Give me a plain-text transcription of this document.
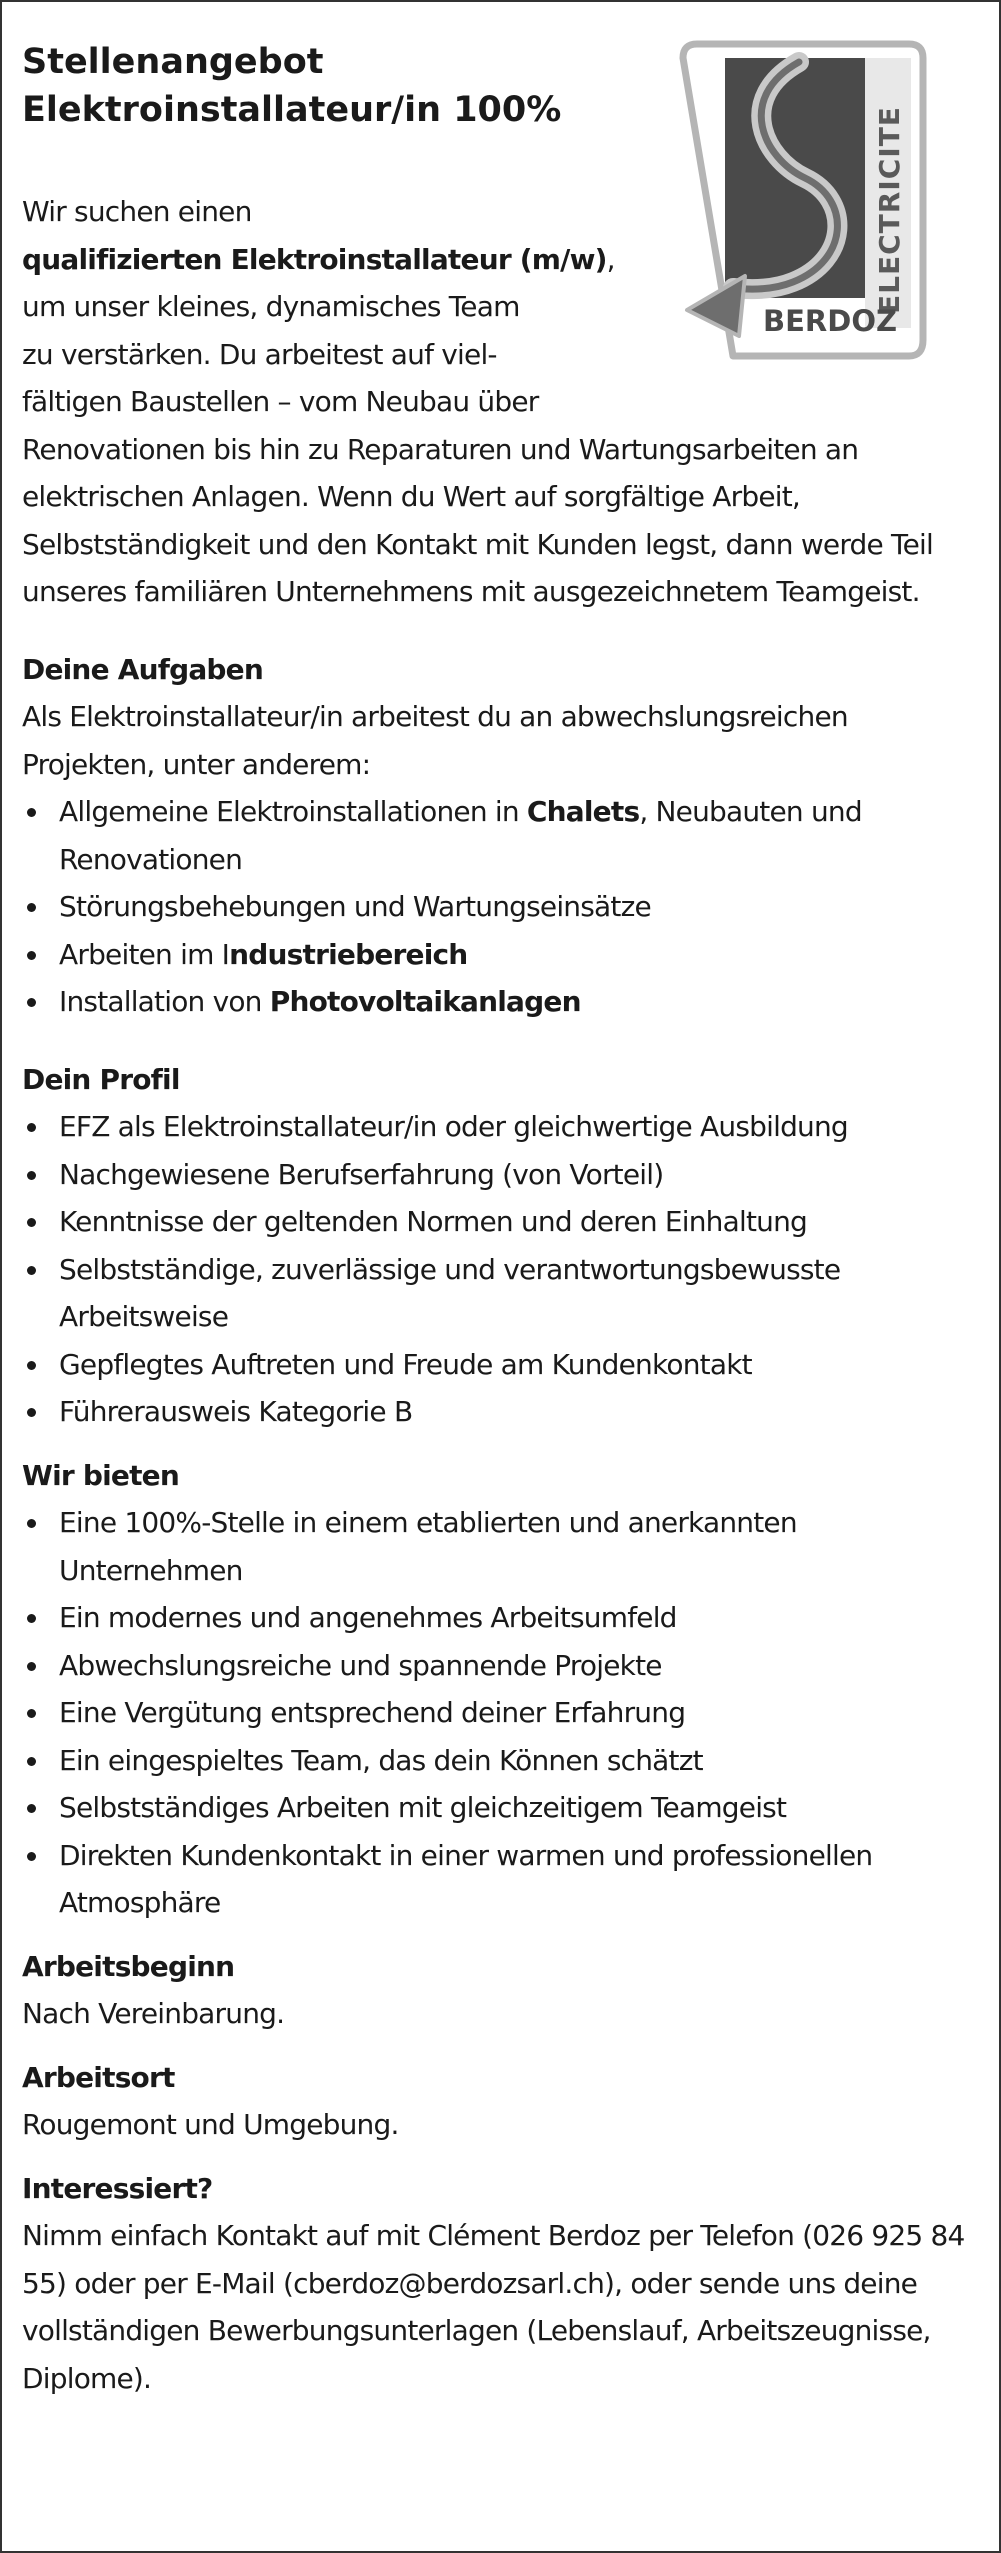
Stellenangebot
Elektroinstallateur/in 100%	ELECTRICITE
BERDOZ

Wir suchen einen

qualifizierten Elektroinstallateur (m/w),

um unser kleines, dynamisches Team
zu verstärken. Du arbeitest auf viel-
fältigen Baustellen – vom Neubau über
Renovationen bis hin zu Reparaturen und Wartungsarbeiten an elektrischen Anlagen. Wenn du Wert auf sorgfältige Arbeit, Selbstständigkeit und den Kontakt mit Kunden legst, dann werde Teil unseres familiären Unternehmens mit ausgezeichnetem Teamgeist.

Deine Aufgaben

Als Elektroinstallateur/in arbeitest du an abwechslungsreichen Projekten, unter anderem:

Allgemeine Elektroinstallationen in Chalets, Neubauten und Renovationen
Störungsbehebungen und Wartungseinsätze
Arbeiten im Industriebereich
Installation von Photovoltaikanlagen

Dein Profil

EFZ als Elektroinstallateur/in oder gleichwertige Ausbildung
Nachgewiesene Berufserfahrung (von Vorteil)
Kenntnisse der geltenden Normen und deren Einhaltung
Selbstständige, zuverlässige und verantwortungsbewusste Arbeitsweise
Gepflegtes Auftreten und Freude am Kundenkontakt
Führerausweis Kategorie B

Wir bieten

Eine 100%-Stelle in einem etablierten und anerkannten Unternehmen
Ein modernes und angenehmes Arbeitsumfeld
Abwechslungsreiche und spannende Projekte
Eine Vergütung entsprechend deiner Erfahrung
Ein eingespieltes Team, das dein Können schätzt
Selbstständiges Arbeiten mit gleichzeitigem Teamgeist
Direkten Kundenkontakt in einer warmen und professionellen Atmosphäre

Arbeitsbeginn

Nach Vereinbarung.

Arbeitsort

Rougemont und Umgebung.

Interessiert?

Nimm einfach Kontakt auf mit Clément Berdoz per Telefon (026 925 84 55) oder per E-Mail (cberdoz@berdozsarl.ch), oder sende uns deine vollständigen Bewerbungsunterlagen (Lebenslauf, Arbeitszeugnisse, Diplome).
